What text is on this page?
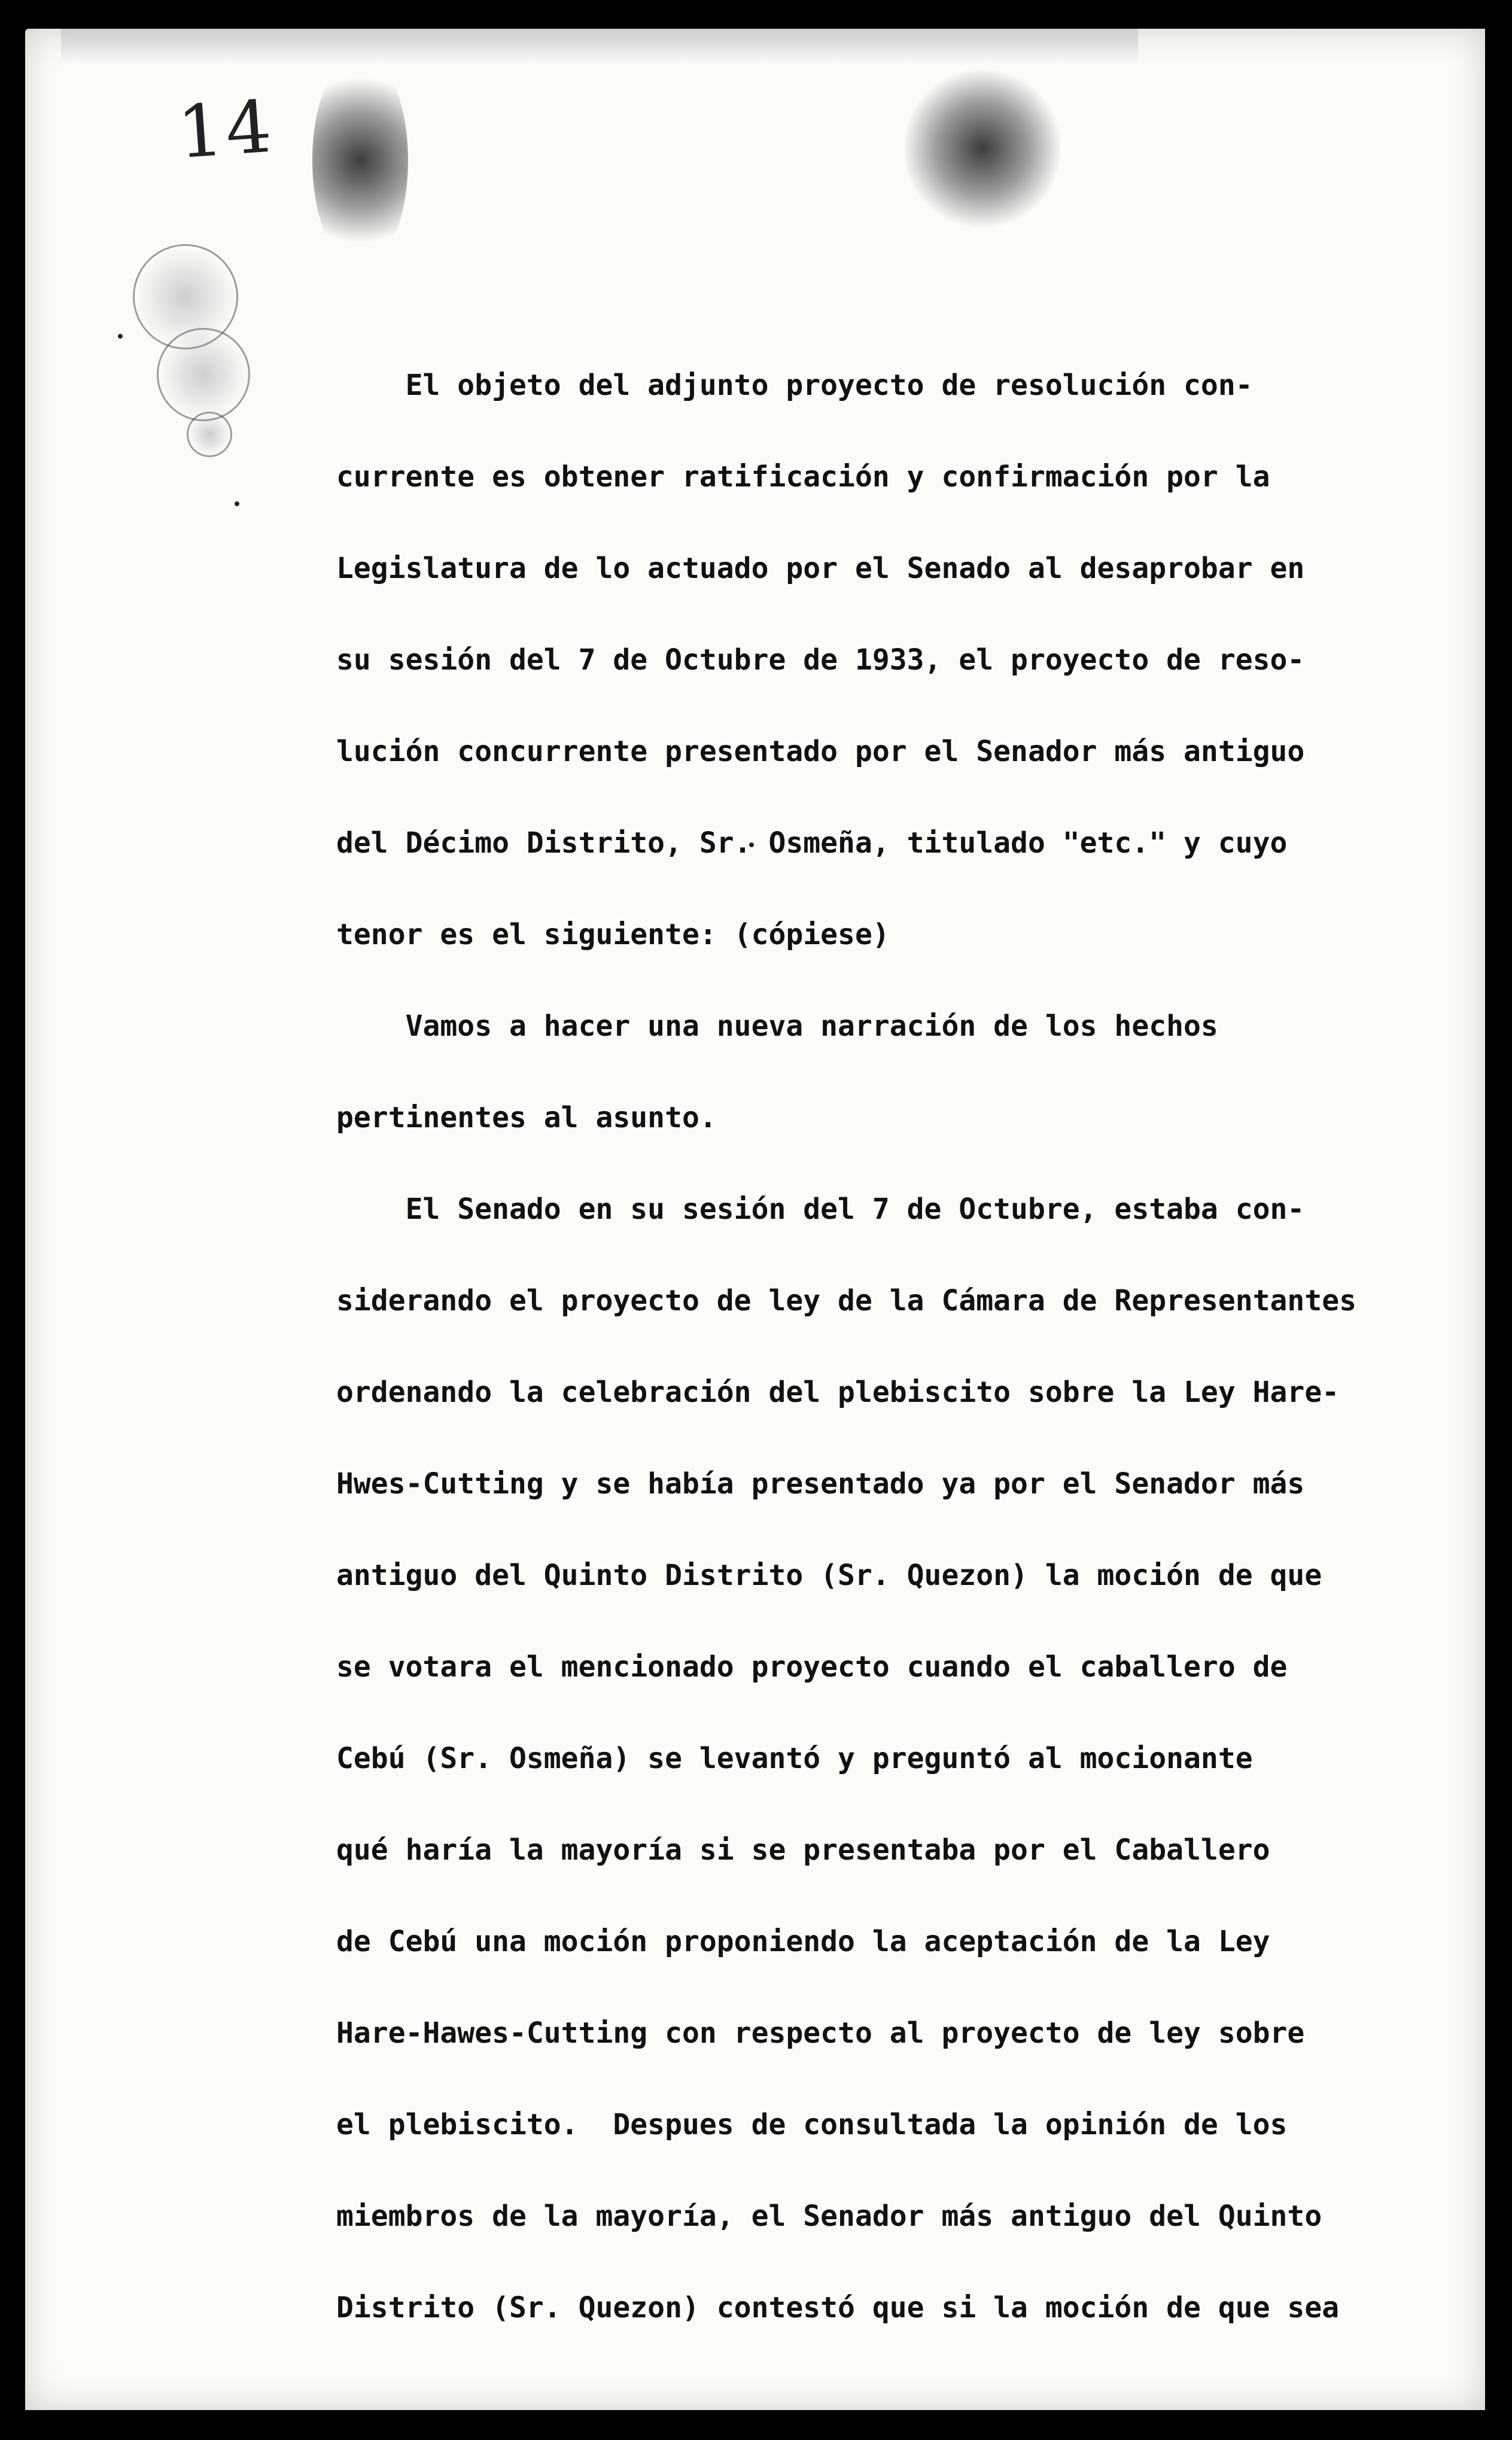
14
El objeto del adjunto proyecto de resolución con-
currente es obtener ratificación y confirmación por la
Legislatura de lo actuado por el Senado al desaprobar en
su sesión del 7 de Octubre de 1933, el proyecto de reso-
lución concurrente presentado por el Senador más antiguo
del Décimo Distrito, Sr. Osmeña, titulado "etc." y cuyo
tenor es el siguiente: (cópiese)
Vamos a hacer una nueva narración de los hechos
pertinentes al asunto.
El Senado en su sesión del 7 de Octubre, estaba con-
siderando el proyecto de ley de la Cámara de Representantes
ordenando la celebración del plebiscito sobre la Ley Hare-
Hwes-Cutting y se había presentado ya por el Senador más
antiguo del Quinto Distrito (Sr. Quezon) la moción de que
se votara el mencionado proyecto cuando el caballero de
Cebú (Sr. Osmeña) se levantó y preguntó al mocionante
qué haría la mayoría si se presentaba por el Caballero
de Cebú una moción proponiendo la aceptación de la Ley
Hare-Hawes-Cutting con respecto al proyecto de ley sobre
el plebiscito.  Despues de consultada la opinión de los
miembros de la mayoría, el Senador más antiguo del Quinto
Distrito (Sr. Quezon) contestó que si la moción de que sea
